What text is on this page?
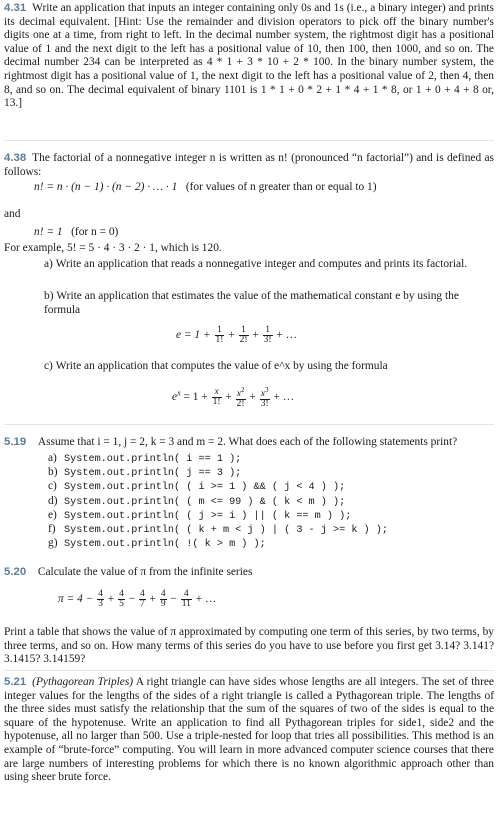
4.31 Write an application that inputs an integer containing only 0s and 1s (i.e., a binary integer) and prints its decimal equivalent. [Hint: Use the remainder and division operators to pick off the binary number's digits one at a time, from right to left. In the decimal number system, the rightmost digit has a positional value of 1 and the next digit to the left has a positional value of 10, then 100, then 1000, and so on. The decimal number 234 can be interpreted as 4 * 1 + 3 * 10 + 2 * 100. In the binary number system, the rightmost digit has a positional value of 1, the next digit to the left has a positional value of 2, then 4, then 8, and so on. The decimal equivalent of binary 1101 is 1 * 1 + 0 * 2 + 1 * 4 + 1 * 8, or 1 + 0 + 4 + 8 or, 13.]
4.38 The factorial of a nonnegative integer n is written as n! (pronounced “n factorial”) and is defined as follows:
n! = n · (n − 1) · (n − 2) · … · 1 (for values of n greater than or equal to 1)
and
n! = 1 (for n = 0)
For example, 5! = 5 · 4 · 3 · 2 · 1, which is 120.
a) Write an application that reads a nonnegative integer and computes and prints its factorial.
b) Write an application that estimates the value of the mathematical constant e by using the formula
$e = 1 + \frac{1}{1!} + \frac{1}{2!} + \frac{1}{3!}$ + …
c) Write an application that computes the value of e^x by using the formula
$e^x = 1 + \frac{x}{1!} + \frac{x^2}{2!} + \frac{x^3}{3!}$ + …
5.19 Assume that i = 1, j = 2, k = 3 and m = 2. What does each of the following statements print?
a) System.out.println( i == 1 );
b) System.out.println( j == 3 );
c) System.out.println( ( i >= 1 ) && ( j < 4 ) );
d) System.out.println( ( m <= 99 ) & ( k < m ) );
e) System.out.println( ( j >= i ) || ( k == m ) );
f) System.out.println( ( k + m < j ) | ( 3 - j >= k ) );
g) System.out.println( !( k > m ) );
5.20 Calculate the value of π from the infinite series
$\pi = 4 - \frac{4}{3} + \frac{4}{5} - \frac{4}{7} + \frac{4}{9} - \frac{4}{11}$ + …
Print a table that shows the value of π approximated by computing one term of this series, by two terms, by three terms, and so on. How many terms of this series do you have to use before you first get 3.14? 3.141? 3.1415? 3.14159?
5.21 (Pythagorean Triples) A right triangle can have sides whose lengths are all integers. The set of three integer values for the lengths of the sides of a right triangle is called a Pythagorean triple. The lengths of the three sides must satisfy the relationship that the sum of the squares of two of the sides is equal to the square of the hypotenuse. Write an application to find all Pythagorean triples for side1, side2 and the hypotenuse, all no larger than 500. Use a triple-nested for loop that tries all possibilities. This method is an example of “brute-force” computing. You will learn in more advanced computer science courses that there are large numbers of interesting problems for which there is no known algorithmic approach other than using sheer brute force.
